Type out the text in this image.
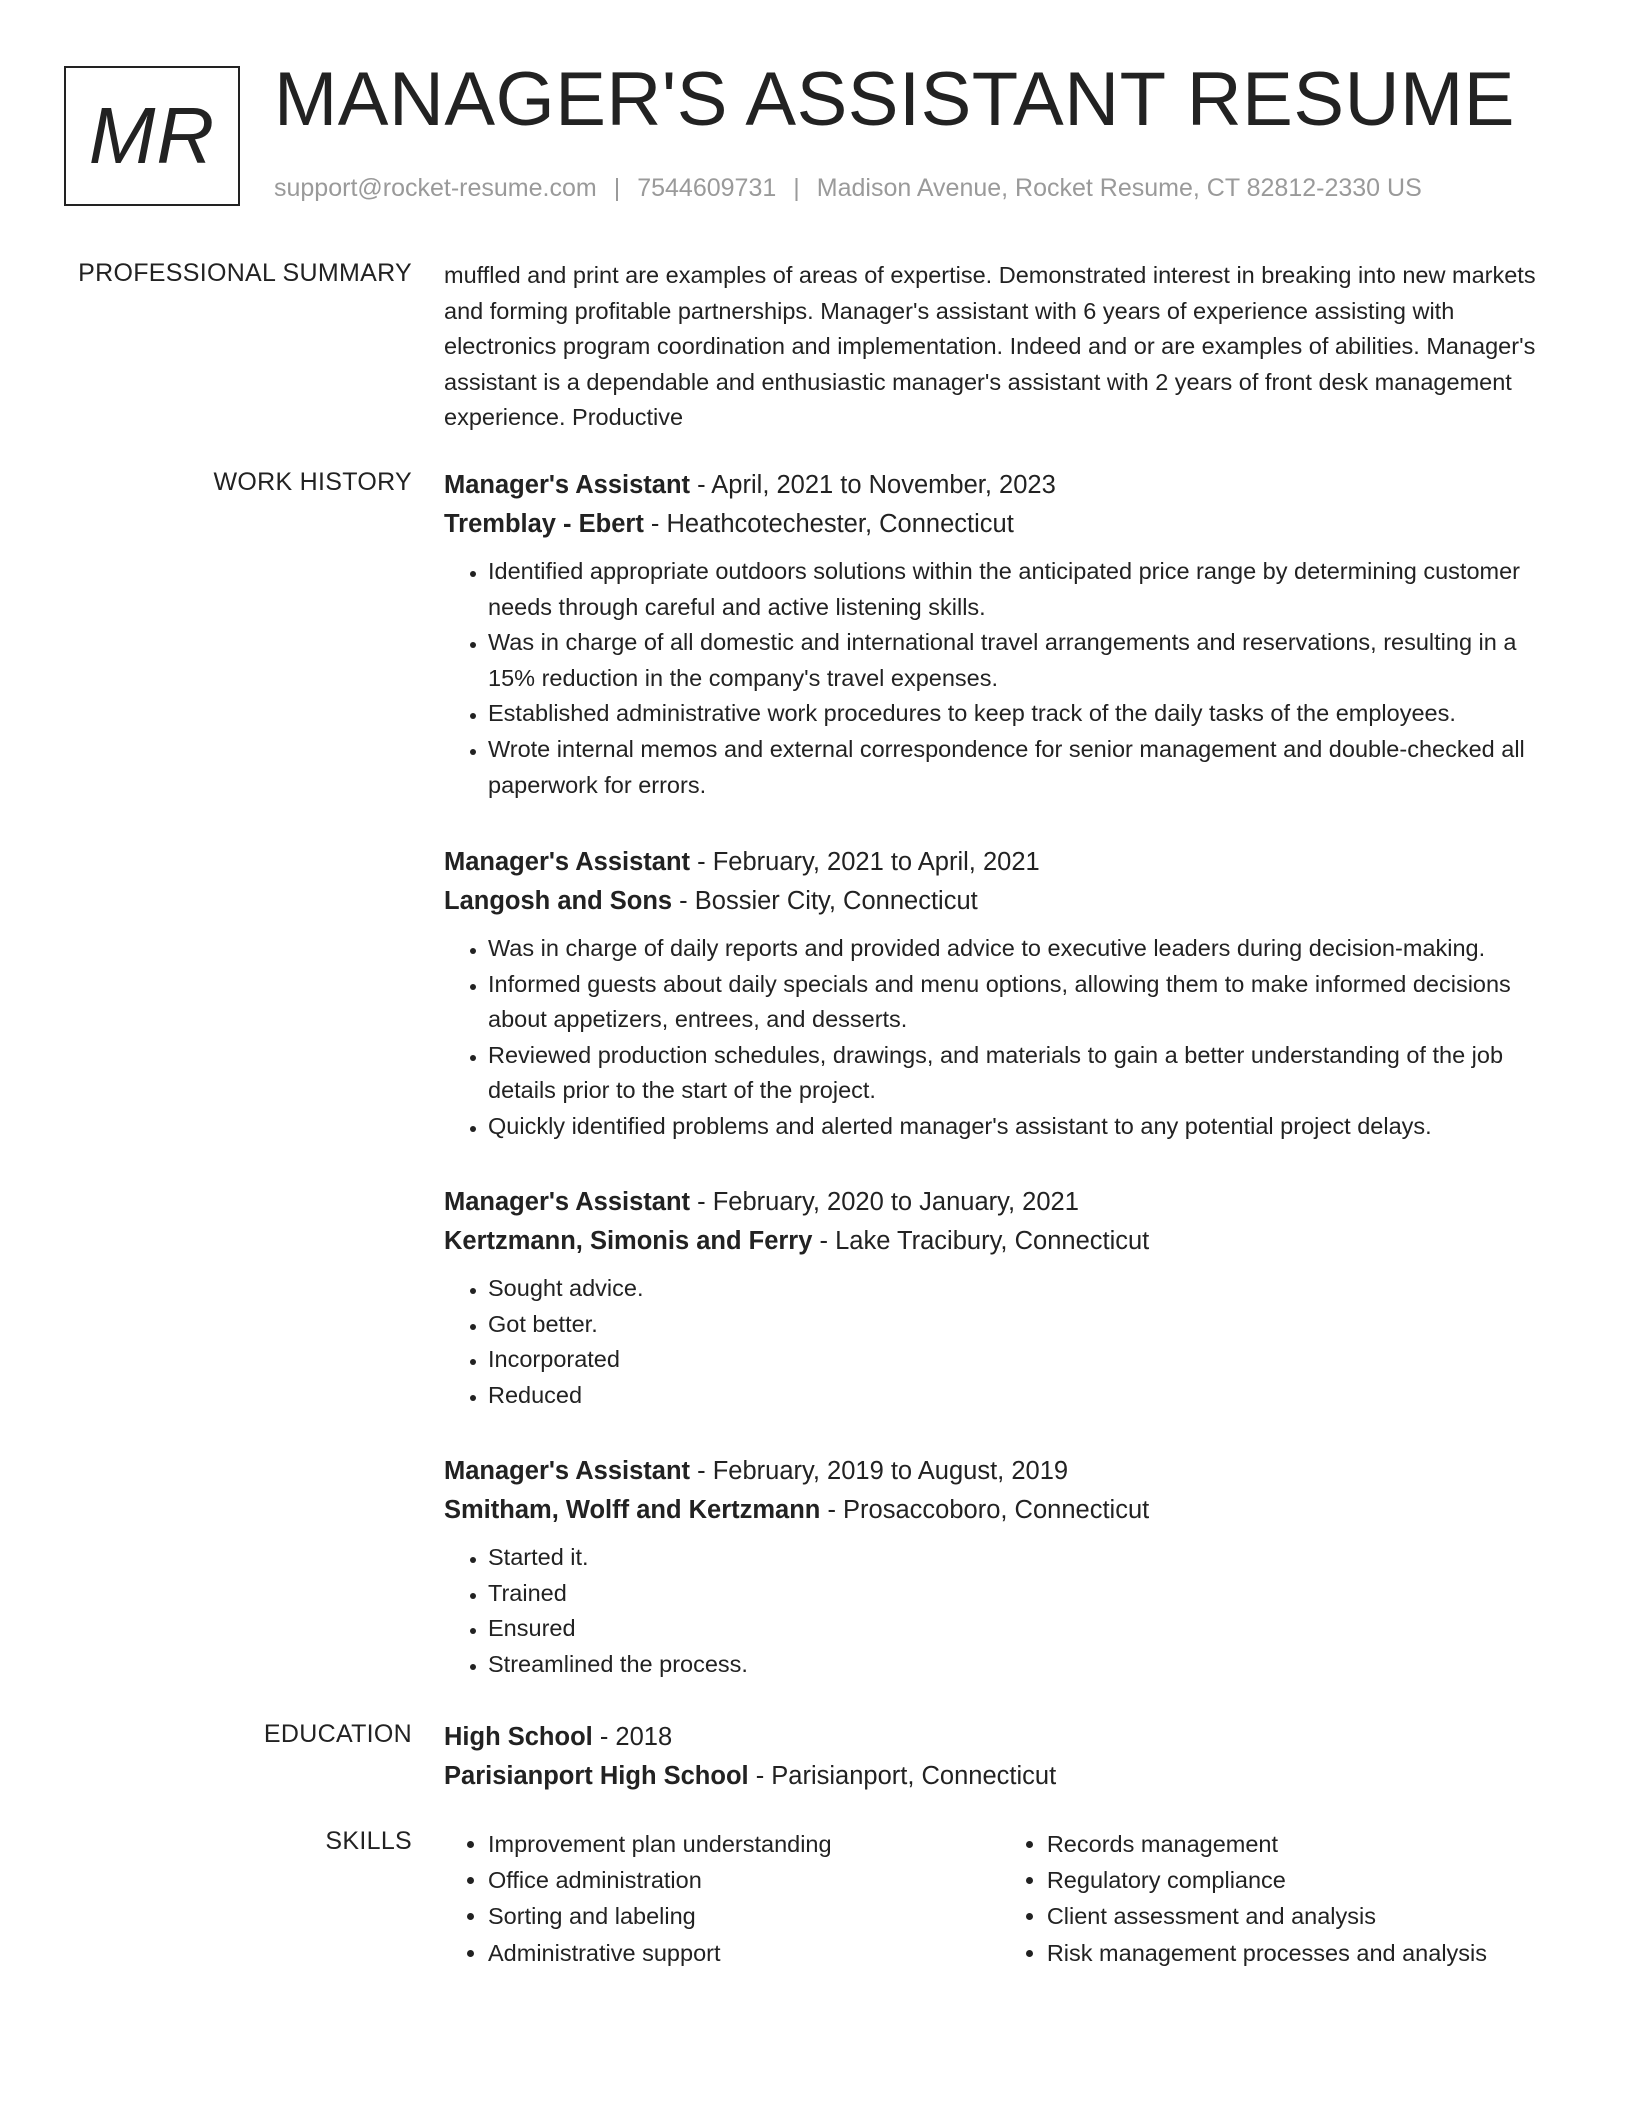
MR MANAGER'S ASSISTANT RESUME
support@rocket-resume.com | 7544609731 | Madison Avenue, Rocket Resume, CT 82812-2330 US
PROFESSIONAL SUMMARY muffled and print are examples of areas of expertise. Demonstrated interest in breaking into new markets and forming profitable partnerships. Manager's assistant with 6 years of experience assisting with electronics program coordination and implementation. Indeed and or are examples of abilities. Manager's assistant is a dependable and enthusiastic manager's assistant with 2 years of front desk management experience. Productive

WORK HISTORY Manager's Assistant - April, 2021 to November, 2023
Tremblay - Ebert - Heathcotechester, Connecticut
• Identified appropriate outdoors solutions within the anticipated price range by determining customer needs through careful and active listening skills.
• Was in charge of all domestic and international travel arrangements and reservations, resulting in a 15% reduction in the company's travel expenses.
• Established administrative work procedures to keep track of the daily tasks of the employees.
• Wrote internal memos and external correspondence for senior management and double-checked all paperwork for errors.
Manager's Assistant - February, 2021 to April, 2021
Langosh and Sons - Bossier City, Connecticut
• Was in charge of daily reports and provided advice to executive leaders during decision-making.
• Informed guests about daily specials and menu options, allowing them to make informed decisions about appetizers, entrees, and desserts.
• Reviewed production schedules, drawings, and materials to gain a better understanding of the job details prior to the start of the project.
• Quickly identified problems and alerted manager's assistant to any potential project delays.
Manager's Assistant - February, 2020 to January, 2021
Kertzmann, Simonis and Ferry - Lake Tracibury, Connecticut
• Sought advice.
• Got better.
• Incorporated
• Reduced
Manager's Assistant - February, 2019 to August, 2019
Smitham, Wolff and Kertzmann - Prosaccoboro, Connecticut
• Started it.
• Trained
• Ensured
• Streamlined the process.
EDUCATION High School - 2018
Parisianport High School - Parisianport, Connecticut
SKILLS
•	Improvement plan understanding
• Office administration
• Sorting and labeling
• Administrative support
• Records management
• Regulatory compliance
• Client assessment and analysis
• Risk management processes and analysis
